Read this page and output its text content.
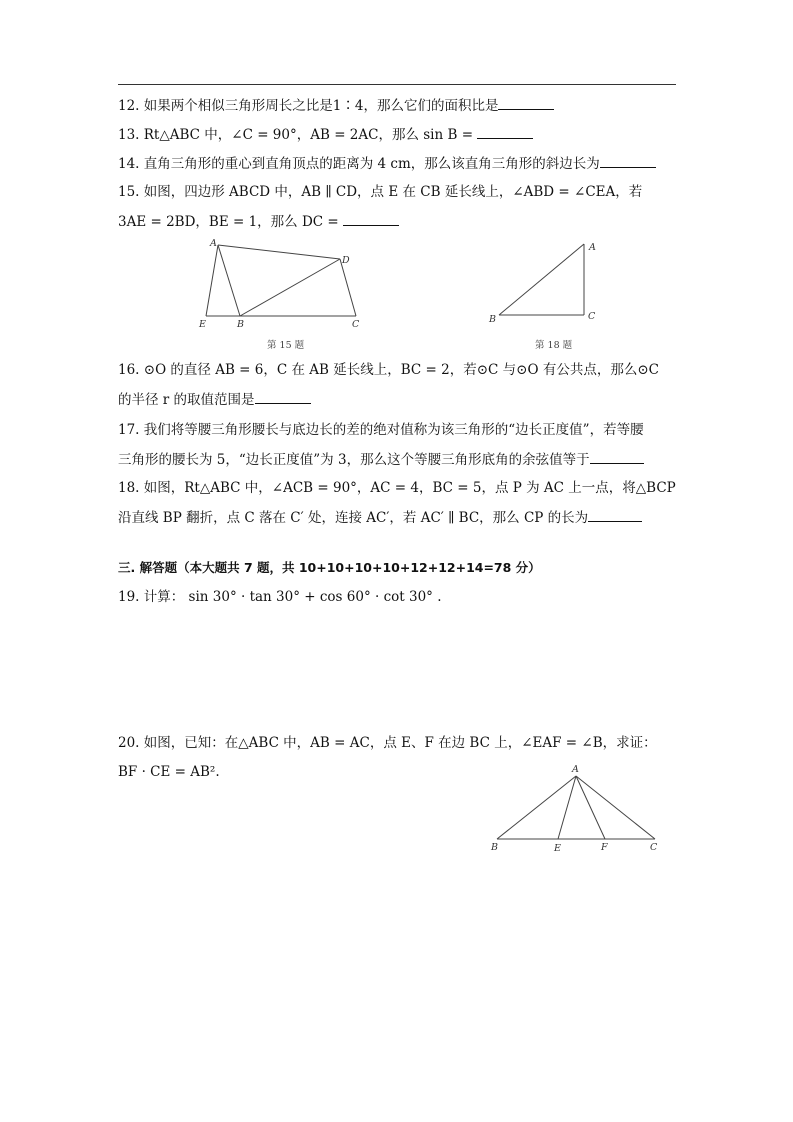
12. 如果两个相似三角形周长之比是1∶4，那么它们的面积比是
13. Rt△ABC 中，∠C = 90°，AB = 2AC，那么 sin B =
14. 直角三角形的重心到直角顶点的距离为 4 cm，那么该直角三角形的斜边长为
15. 如图，四边形 ABCD 中，AB ∥ CD，点 E 在 CB 延长线上，∠ABD = ∠CEA，若
3AE = 2BD，BE = 1，那么 DC =
A
D
E	B	C
第 15 题
A
B	C
第 18 题
16. ⊙O 的直径 AB = 6，C 在 AB 延长线上，BC = 2，若⊙C 与⊙O 有公共点，那么⊙C
的半径 r 的取值范围是
17. 我们将等腰三角形腰长与底边长的差的绝对值称为该三角形的“边长正度值”，若等腰
三角形的腰长为 5，“边长正度值”为 3，那么这个等腰三角形底角的余弦值等于
18. 如图，Rt△ABC 中，∠ACB = 90°，AC = 4，BC = 5，点 P 为 AC 上一点，将△BCP
沿直线 BP 翻折，点 C 落在 C′ 处，连接 AC′，若 AC′ ∥ BC，那么 CP 的长为
三. 解答题（本大题共 7 题，共 10+10+10+10+12+12+14=78 分）
19. 计算： sin 30° · tan 30° + cos 60° · cot 30° .
20. 如图，已知：在△ABC 中，AB = AC，点 E、F 在边 BC 上，∠EAF = ∠B，求证：
BF · CE = AB².	A
B	E	F	C
